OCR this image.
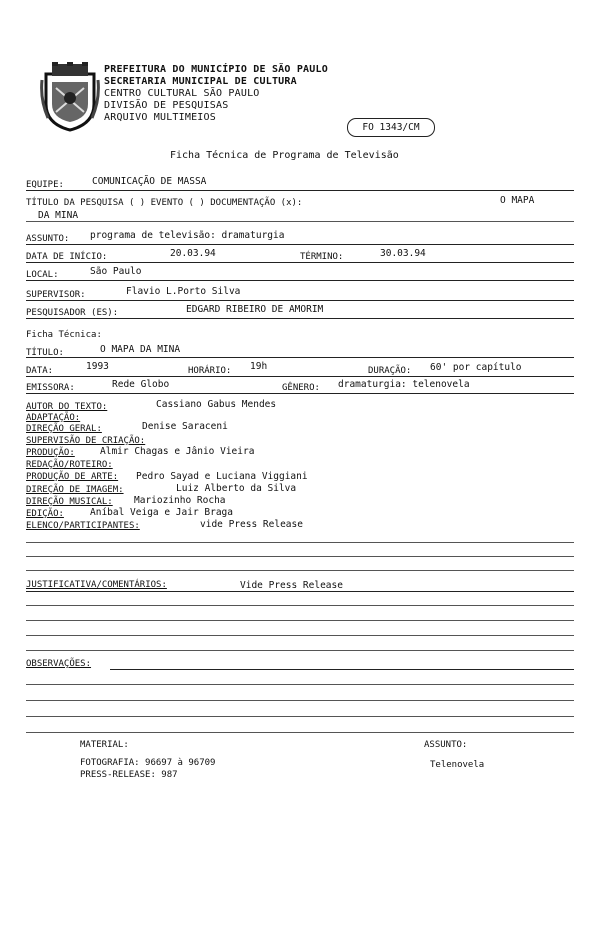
PREFEITURA DO MUNICÍPIO DE SÃO PAULO
SECRETARIA MUNICIPAL DE CULTURA
CENTRO CULTURAL SÃO PAULO
DIVISÃO DE PESQUISAS
ARQUIVO MULTIMEIOS
FO 1343/CM
Ficha Técnica de Programa de Televisão
EQUIPE:	COMUNICAÇÃO DE MASSA
TÍTULO DA PESQUISA ( ) EVENTO ( ) DOCUMENTAÇÃO (x):	O MAPA
DA MINA
ASSUNTO: programa de televisão: dramaturgia
DATA DE INÍCIO:	20.03.94	TÉRMINO:	30.03.94
LOCAL:	São Paulo
SUPERVISOR:	Flavio L.Porto Silva
PESQUISADOR (ES):	EDGARD RIBEIRO DE AMORIM
Ficha Técnica:
TÍTULO:	O MAPA DA MINA
DATA:	1993	HORÁRIO: 19h	DURAÇÃO: 60' por capítulo
EMISSORA:	Rede Globo	GÊNERO: dramaturgia: telenovela
AUTOR DO TEXTO:	Cassiano Gabus Mendes
ADAPTAÇÃO:
DIREÇÃO GERAL:	Denise Saraceni
SUPERVISÃO DE CRIAÇÃO:
PRODUÇÃO:	Almir Chagas e Jânio Vieira
REDAÇÃO/ROTEIRO:
PRODUÇÃO DE ARTE: Pedro Sayad e Luciana Viggiani
DIREÇÃO DE IMAGEM:	Luiz Alberto da Silva
DIREÇÃO MUSICAL: Mariozinho Rocha
EDIÇÃO:	Aníbal Veiga e Jair Braga
ELENCO/PARTICIPANTES:	vide Press Release
JUSTIFICATIVA/COMENTÁRIOS:	Vide Press Release
OBSERVAÇÕES:
MATERIAL:
FOTOGRAFIA: 96697 à 96709
PRESS-RELEASE: 987
ASSUNTO:
Telenovela
